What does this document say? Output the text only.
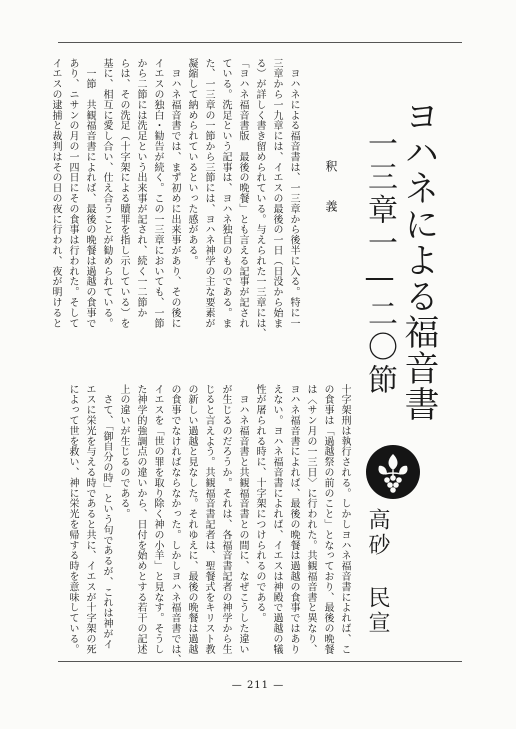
ヨハネによる福音書
一三章一—二〇節
高砂 民宣
釈　義
　ヨハネによる福音書は、一三章から後半に入る。特に一
三章から一九章には、イエスの最後の一日（日没から始ま
る）が詳しく書き留められている。与えられた一三章には、
「ヨハネ福音書版　最後の晩餐」とも言える記事が記され
ている。洗足という記事は、ヨハネ独自のものである。ま
た、一三章の一節から三節には、ヨハネ神学の主な要素が
凝縮して納められているといった感がある。
　ヨハネ福音書では、まず初めに出来事があり、その後に
イエスの独白・勧告が続く。この一三章においても、一節
から二節には洗足という出来事が記され、続く一二節か
らは、その洗足（十字架による贖罪を指し示している）を
基に、相互に愛し合い、仕え合うことが勧められている。
　一節　共観福音書によれば、最後の晩餐は過越の食事で
あり、ニサンの月の一四日にその食事は行われた。そして
イエスの逮捕と裁判はその日の夜に行われ、夜が明けると
十字架刑は執行される。しかしヨハネ福音書によれば、こ
の食事は「過越祭の前のこと」となっており、最後の晩餐
は〈サン月の一三日〉に行われた。共観福音書と異なり、
ヨハネ福音書によれば、最後の晩餐は過越の食事ではあり
えない。ヨハネ福音書によれば、イエスは神殿で過越の犠
性が屠られる時に、十字架につけられるのである。
　ヨハネ福音書と共観福音書との間に、なぜこうした違い
が生じるのだろうか。それは、各福音書記者の神学から生
じると言えよう。共観福音書記者は、聖餐式をキリスト教
の新しい過越と見なした。それゆえに、最後の晩餐は過越
の食事でなければならなかった。しかしヨハネ福音書では、
イエスを「世の罪を取り除く神の小羊」と見なす。そうし
た神学的強調点の違いから、日付を始めとする若干の記述
上の違いが生じるのである。
　さて、「御自分の時」という句であるが、これは神がイ
エスに栄光を与える時であると共に、イエスが十字架の死
によって世を救い、神に栄光を帰する時を意味している。
— 211 —
